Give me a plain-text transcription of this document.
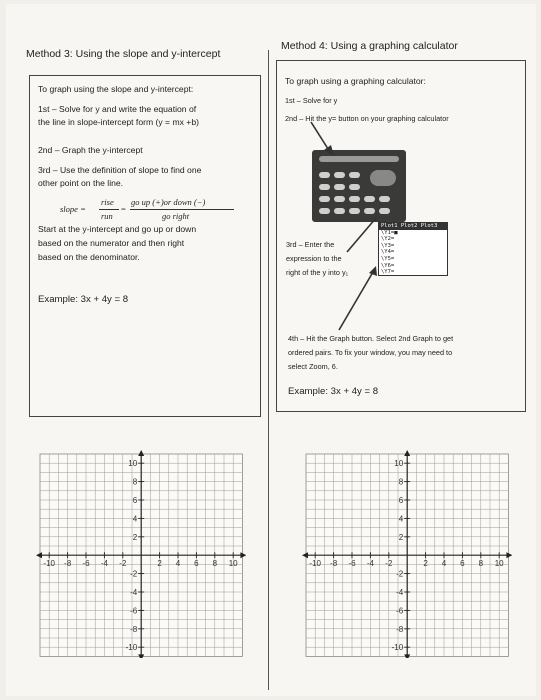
Method 3: Using the slope and y-intercept
To graph using the slope and y-intercept:
1st – Solve for y and write the equation of
the line in slope-intercept form (y = mx +b)
2nd – Graph the y-intercept
3rd – Use the definition of slope to find one
other point on the line.
slope =
rise
run
=
go up (+)or down (−)
go right
Start at the y-intercept and go up or down
based on the numerator and then right
based on the denominator.
Example: 3x + 4y = 8
Method 4: Using a graphing calculator
To graph using a graphing calculator:
1st – Solve for y
2nd – Hit the y= button on your graphing calculator
3rd – Enter the
expression to the
right of the y into y₁
Plot1 Plot2 Plot3
\Y1=■
\Y2=
\Y3=
\Y4=
\Y5=
\Y6=
\Y7=
4th – Hit the Graph button. Select 2nd Graph to get
ordered pairs. To fix your window, you may need to
select Zoom, 6.
Example: 3x + 4y = 8
-10 -8 -6 -4 -2	2 4 6 8 10
10
8
6
4
2
-2
-4
-6
-8
-10
-10 -8 -6 -4 -2	2 4 6 8 10
10
8
6
4
2
-2
-4
-6
-8
-10
